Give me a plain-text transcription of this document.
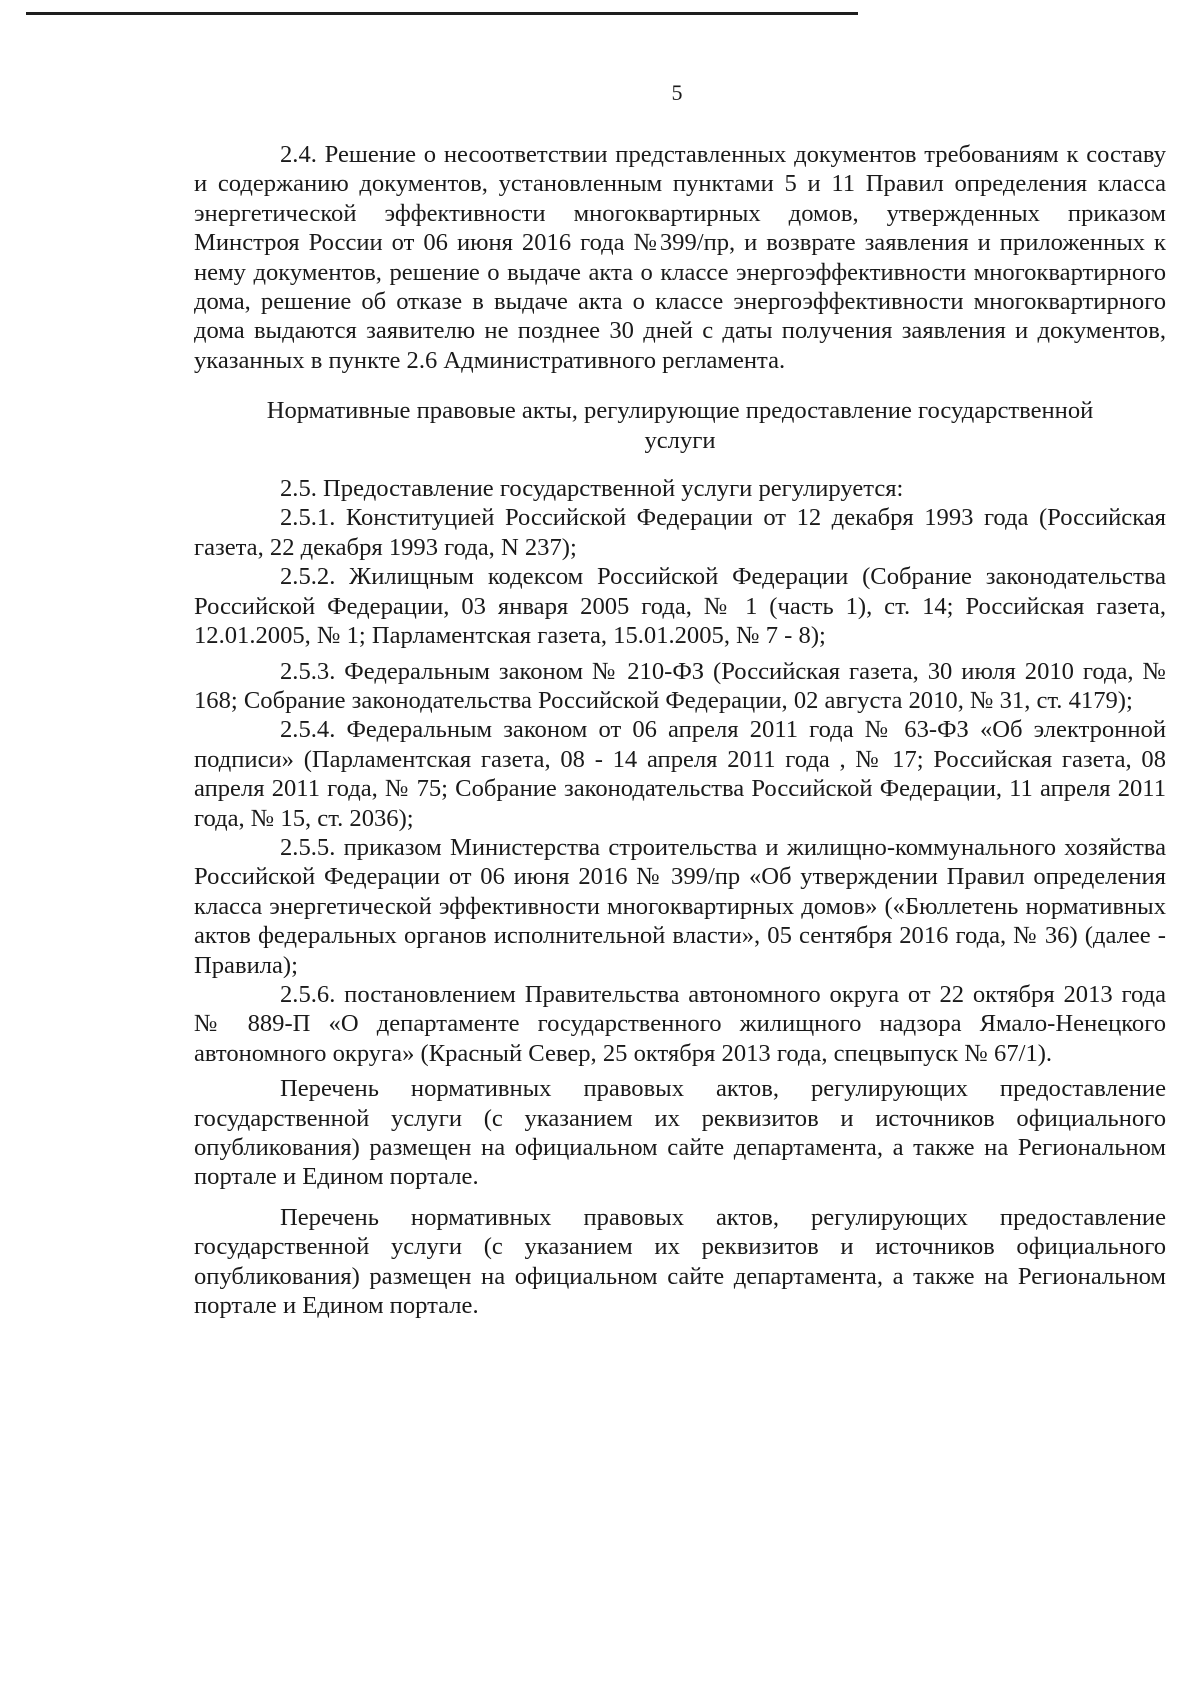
5

2.4. Решение о несоответствии представленных документов требованиям к составу и содержанию документов, установленным пунктами 5 и 11 Правил определения класса энергетической эффективности многоквартирных домов, утвержденных приказом Минстроя России от 06 июня 2016 года №399/пр, и возврате заявления и приложенных к нему документов, решение о выдаче акта о классе энергоэффективности многоквартирного дома, решение об отказе в выдаче акта о классе энергоэффективности многоквартирного дома выдаются заявителю не позднее 30 дней с даты получения заявления и документов, указанных в пункте 2.6 Административного регламента.

Нормативные правовые акты, регулирующие предоставление государственной услуги

2.5. Предоставление государственной услуги регулируется:

2.5.1. Конституцией Российской Федерации от 12 декабря 1993 года (Российская газета, 22 декабря 1993 года, N 237);

2.5.2. Жилищным кодексом Российской Федерации (Собрание законодательства Российской Федерации, 03 января 2005 года, № 1 (часть 1), ст. 14; Российская газета, 12.01.2005, № 1; Парламентская газета, 15.01.2005, № 7 - 8);

2.5.3. Федеральным законом № 210-ФЗ (Российская газета, 30 июля 2010 года, № 168; Собрание законодательства Российской Федерации, 02 августа 2010, № 31, ст. 4179);

2.5.4. Федеральным законом от 06 апреля 2011 года № 63-ФЗ «Об электронной подписи» (Парламентская газета, 08 - 14 апреля 2011 года , № 17; Российская газета, 08 апреля 2011 года, № 75; Собрание законодательства Российской Федерации, 11 апреля 2011 года, № 15, ст. 2036);

2.5.5. приказом Министерства строительства и жилищно-коммунального хозяйства Российской Федерации от 06 июня 2016 № 399/пр «Об утверждении Правил определения класса энергетической эффективности многоквартирных домов» («Бюллетень нормативных актов федеральных органов исполнительной власти», 05 сентября 2016 года, № 36) (далее - Правила);

2.5.6. постановлением Правительства автономного округа от 22 октября 2013 года № 889-П «О департаменте государственного жилищного надзора Ямало-Ненецкого автономного округа» (Красный Север, 25 октября 2013 года, спецвыпуск № 67/1).

Перечень нормативных правовых актов, регулирующих предоставление государственной услуги (с указанием их реквизитов и источников официального опубликования) размещен на официальном сайте департамента, а также на Региональном портале и Едином портале.

Перечень нормативных правовых актов, регулирующих предоставление государственной услуги (с указанием их реквизитов и источников официального опубликования) размещен на официальном сайте департамента, а также на Региональном портале и Едином портале.
